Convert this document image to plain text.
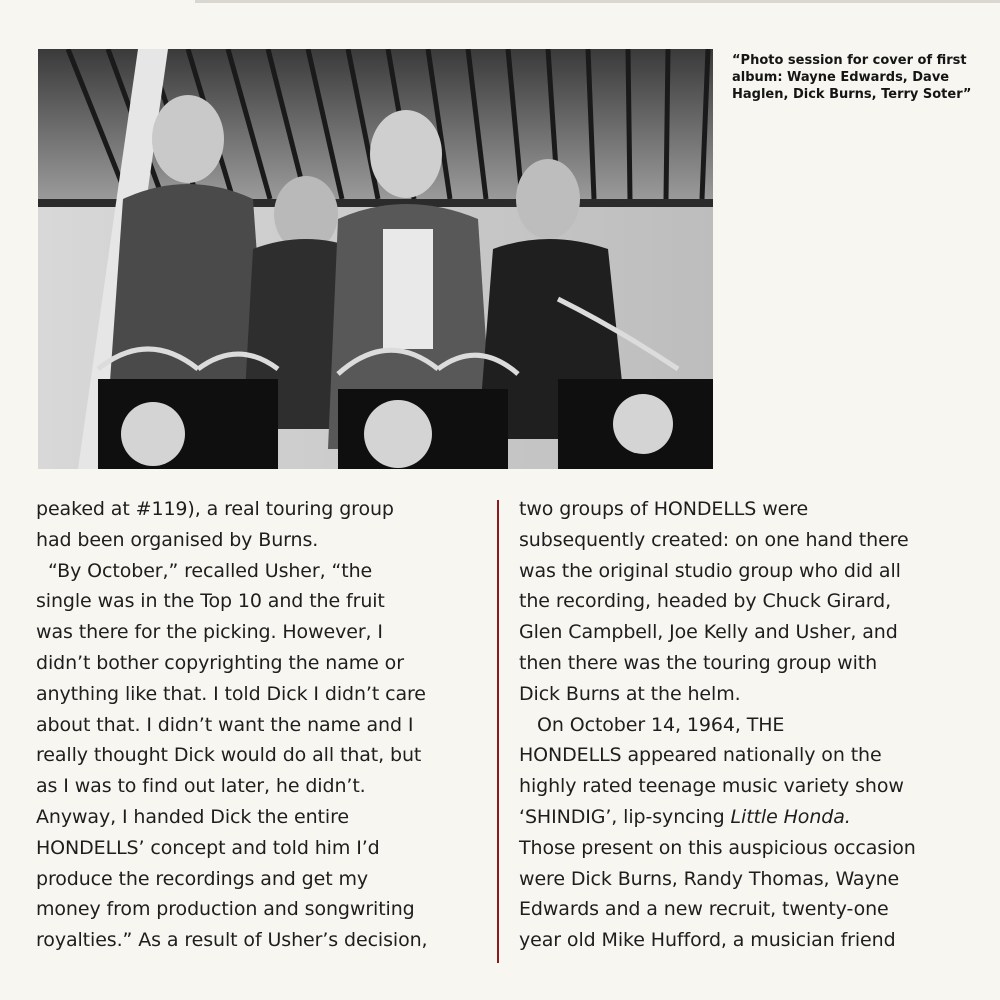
“Photo session for cover of first
album: Wayne Edwards, Dave
Haglen, Dick Burns, Terry Soter”
peaked at #119), a real touring group
had been organised by Burns.
“By October,” recalled Usher, “the
single was in the Top 10 and the fruit
was there for the picking. However, I
didn’t bother copyrighting the name or
anything like that. I told Dick I didn’t care
about that. I didn’t want the name and I
really thought Dick would do all that, but
as I was to find out later, he didn’t.
Anyway, I handed Dick the entire
HONDELLS’ concept and told him I’d
produce the recordings and get my
money from production and songwriting
royalties.” As a result of Usher’s decision,
two groups of HONDELLS were
subsequently created: on one hand there
was the original studio group who did all
the recording, headed by Chuck Girard,
Glen Campbell, Joe Kelly and Usher, and
then there was the touring group with
Dick Burns at the helm.
On October 14, 1964, THE
HONDELLS appeared nationally on the
highly rated teenage music variety show
‘SHINDIG’, lip-syncing Little Honda.
Those present on this auspicious occasion
were Dick Burns, Randy Thomas, Wayne
Edwards and a new recruit, twenty-one
year old Mike Hufford, a musician friend
